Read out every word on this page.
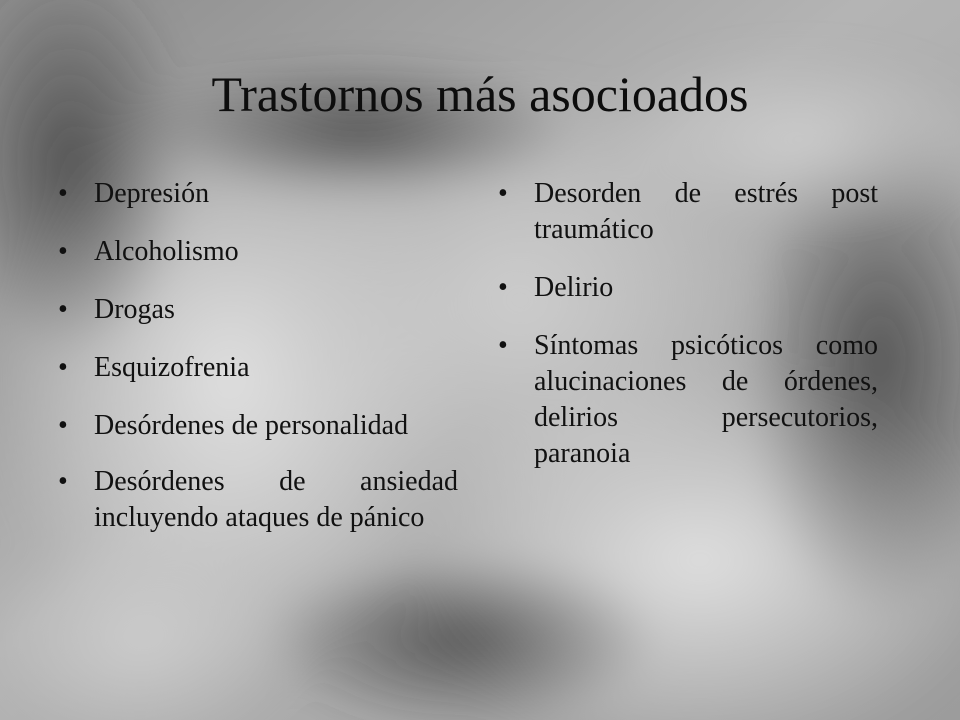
Trastornos más asocioados
• Depresión
• Alcoholismo
• Drogas
• Esquizofrenia
• Desórdenes de personalidad
• Desórdenes de ansiedad incluyendo ataques de pánico
• Desorden de estrés post traumático
• Delirio
• Síntomas psicóticos como alucinaciones de órdenes, delirios persecutorios, paranoia
